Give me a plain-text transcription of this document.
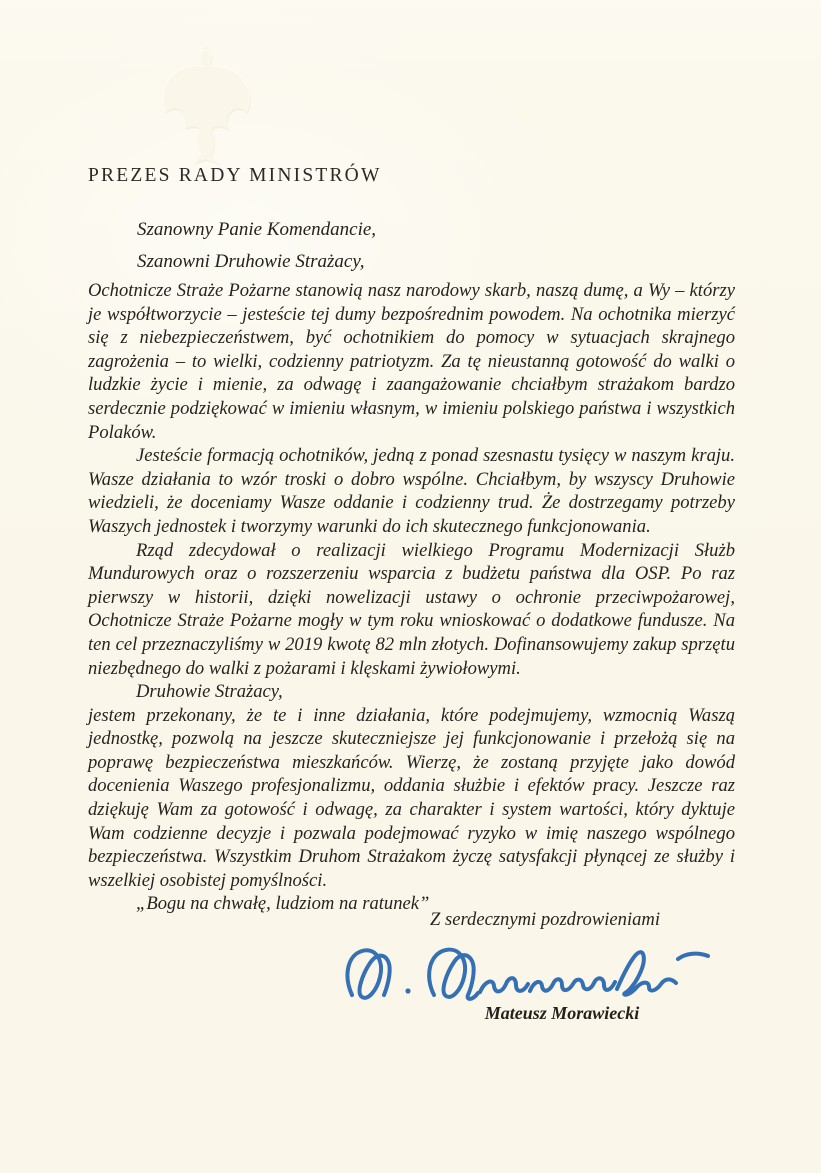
PREZES RADY MINISTRÓW
Szanowny Panie Komendancie,
Szanowni Druhowie Strażacy,

Ochotnicze Straże Pożarne stanowią nasz narodowy skarb, naszą dumę, a Wy – którzy je współtworzycie – jesteście tej dumy bezpośrednim powodem. Na ochotnika mierzyć się z niebezpieczeństwem, być ochotnikiem do pomocy w sytuacjach skrajnego zagrożenia – to wielki, codzienny patriotyzm. Za tę nieustanną gotowość do walki o ludzkie życie i mienie, za odwagę i zaangażowanie chciałbym strażakom bardzo serdecznie podziękować w imieniu własnym, w imieniu polskiego państwa i wszystkich Polaków.

Jesteście formacją ochotników, jedną z ponad szesnastu tysięcy w naszym kraju. Wasze działania to wzór troski o dobro wspólne. Chciałbym, by wszyscy Druhowie wiedzieli, że doceniamy Wasze oddanie i codzienny trud. Że dostrzegamy potrzeby Waszych jednostek i tworzymy warunki do ich skutecznego funkcjonowania.

Rząd zdecydował o realizacji wielkiego Programu Modernizacji Służb Mundurowych oraz o rozszerzeniu wsparcia z budżetu państwa dla OSP. Po raz pierwszy w historii, dzięki nowelizacji ustawy o ochronie przeciwpożarowej, Ochotnicze Straże Pożarne mogły w tym roku wnioskować o dodatkowe fundusze. Na ten cel przeznaczyliśmy w 2019 kwotę 82 mln złotych. Dofinansowujemy zakup sprzętu niezbędnego do walki z pożarami i klęskami żywiołowymi.

Druhowie Strażacy,

jestem przekonany, że te i inne działania, które podejmujemy, wzmocnią Waszą jednostkę, pozwolą na jeszcze skuteczniejsze jej funkcjonowanie i przełożą się na poprawę bezpieczeństwa mieszkańców. Wierzę, że zostaną przyjęte jako dowód docenienia Waszego profesjonalizmu, oddania służbie i efektów pracy. Jeszcze raz dziękuję Wam za gotowość i odwagę, za charakter i system wartości, który dyktuje Wam codzienne decyzje i pozwala podejmować ryzyko w imię naszego wspólnego bezpieczeństwa. Wszystkim Druhom Strażakom życzę satysfakcji płynącej ze służby i wszelkiej osobistej pomyślności.

„Bogu na chwałę, ludziom na ratunek”

Z serdecznymi pozdrowieniami
Mateusz Morawiecki
